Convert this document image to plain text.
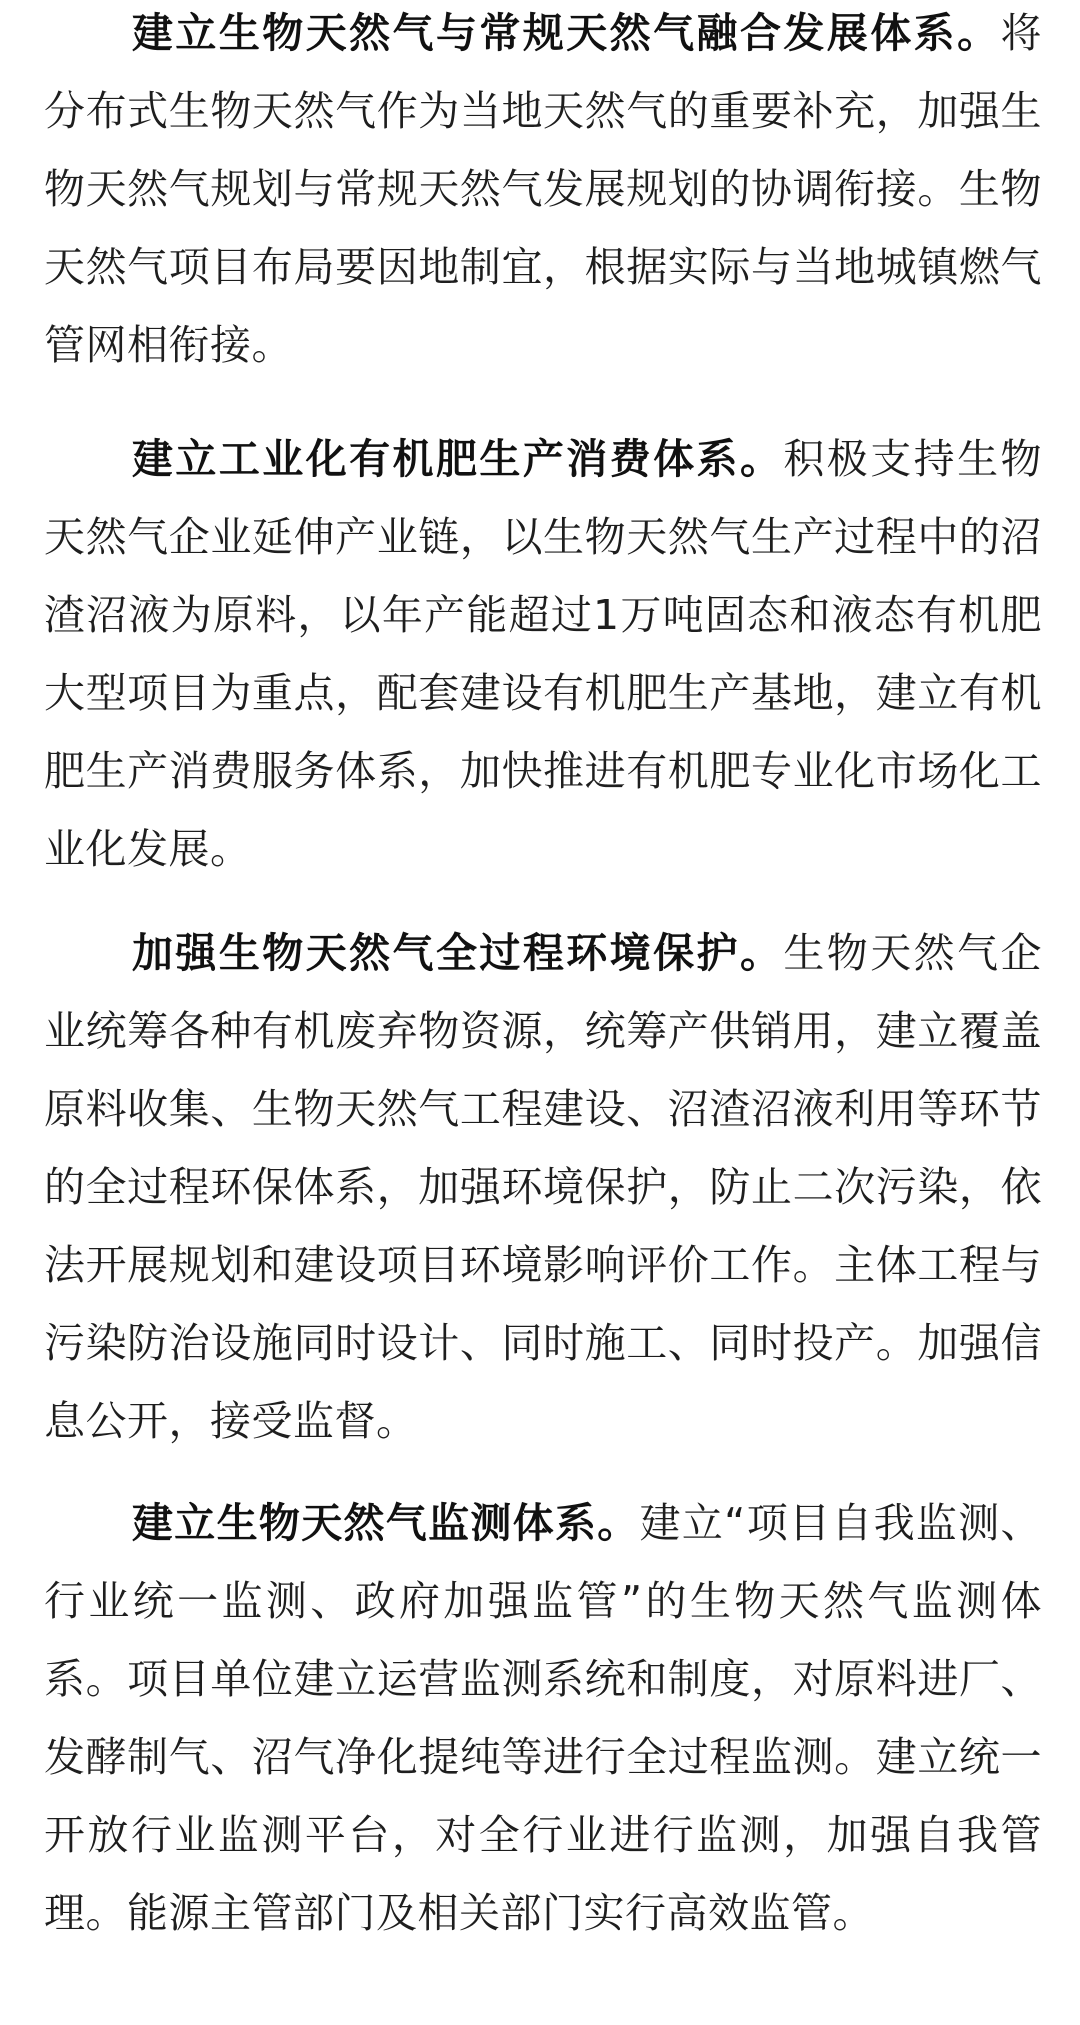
建立生物天然气与常规天然气融合发展体系。将分布式生物天然气作为当地天然气的重要补充，加强生物天然气规划与常规天然气发展规划的协调衔接。生物天然气项目布局要因地制宜，根据实际与当地城镇燃气管网相衔接。

建立工业化有机肥生产消费体系。积极支持生物天然气企业延伸产业链，以生物天然气生产过程中的沼渣沼液为原料，以年产能超过1万吨固态和液态有机肥大型项目为重点，配套建设有机肥生产基地，建立有机肥生产消费服务体系，加快推进有机肥专业化市场化工业化发展。

加强生物天然气全过程环境保护。生物天然气企业统筹各种有机废弃物资源，统筹产供销用，建立覆盖原料收集、生物天然气工程建设、沼渣沼液利用等环节的全过程环保体系，加强环境保护，防止二次污染，依 法开展规划和建设项目环境影响评价工作。主体工程与污染防治设施同时设计、同时施工、同时投产。加强信息公开，接受监督。

建立生物天然气监测体系。建立“项目自我监测、行业统一监测、政府加强监管”的生物天然气监测体系。项目单位建立运营监测系统和制度，对原料进厂、发酵制气、沼气净化提纯等进行全过程监测。建立统一开放行业监测平台，对全行业进行监测，加强自我管理。能源主管部门及相关部门实行高效监管。
